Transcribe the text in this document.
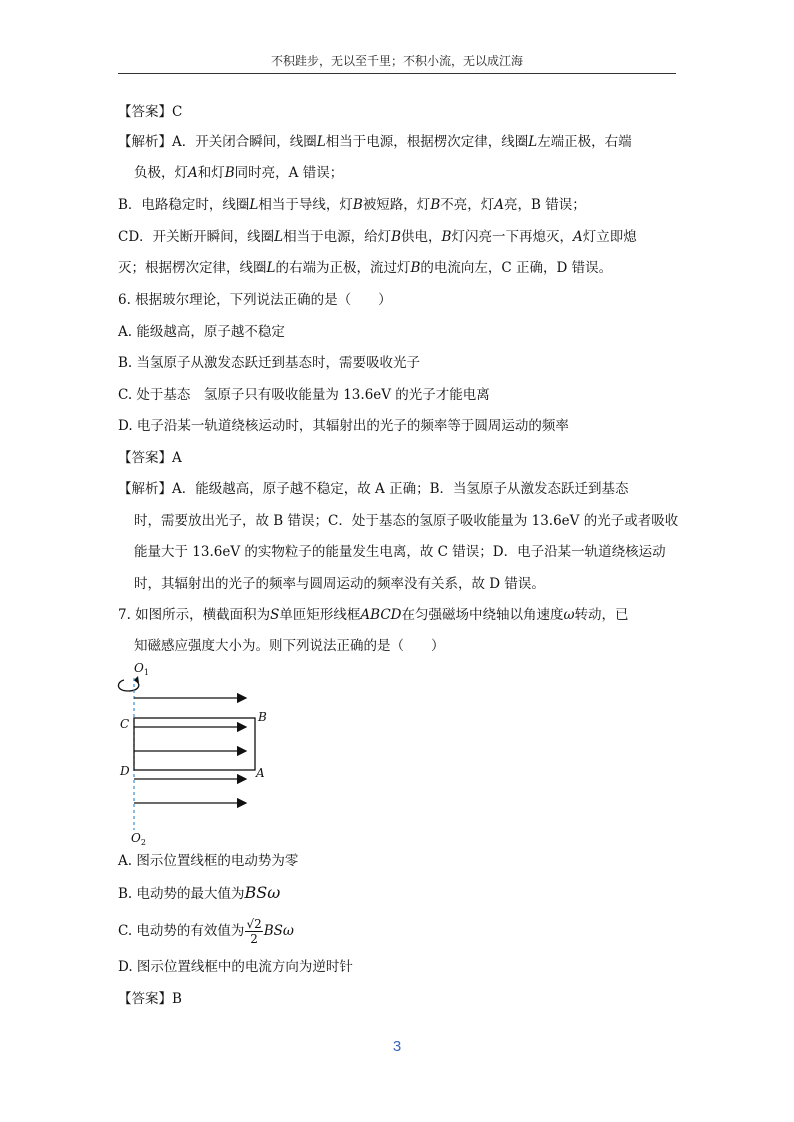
不积跬步，无以至千里；不积小流，无以成江海
【答案】C
【解析】A．开关闭合瞬间，线圈L相当于电源，根据楞次定律，线圈L左端正极，右端
负极，灯A和灯B同时亮，A 错误；
B．电路稳定时，线圈L相当于导线，灯B被短路，灯B不亮，灯A亮，B 错误；
CD．开关断开瞬间，线圈L相当于电源，给灯B供电，B灯闪亮一下再熄灭，A灯立即熄
灭；根据楞次定律，线圈L的右端为正极，流过灯B的电流向左，C 正确，D 错误。
6. 根据玻尔理论，下列说法正确的是（　　）
A. 能级越高，原子越不稳定
B. 当氢原子从激发态跃迁到基态时，需要吸收光子
C. 处于基态　氢原子只有吸收能量为 13.6eV 的光子才能电离
D. 电子沿某一轨道绕核运动时，其辐射出的光子的频率等于圆周运动的频率
【答案】A
【解析】A．能级越高，原子越不稳定，故 A 正确；B．当氢原子从激发态跃迁到基态
时，需要放出光子，故 B 错误；C．处于基态的氢原子吸收能量为 13.6eV 的光子或者吸收
能量大于 13.6eV 的实物粒子的能量发生电离，故 C 错误；D．电子沿某一轨道绕核运动
时，其辐射出的光子的频率与圆周运动的频率没有关系，故 D 错误。
7. 如图所示，横截面积为S单匝矩形线框ABCD在匀强磁场中绕轴以角速度ω转动，已
知磁感应强度大小为。则下列说法正确的是（　　）
$O_1$
$O_2$
B
C
D	A
A. 图示位置线框的电动势为零
B. 电动势的最大值为BSω
C. 电动势的有效值为 $\frac{√2}{2}$ BSω
D. 图示位置线框中的电流方向为逆时针
【答案】B
3
